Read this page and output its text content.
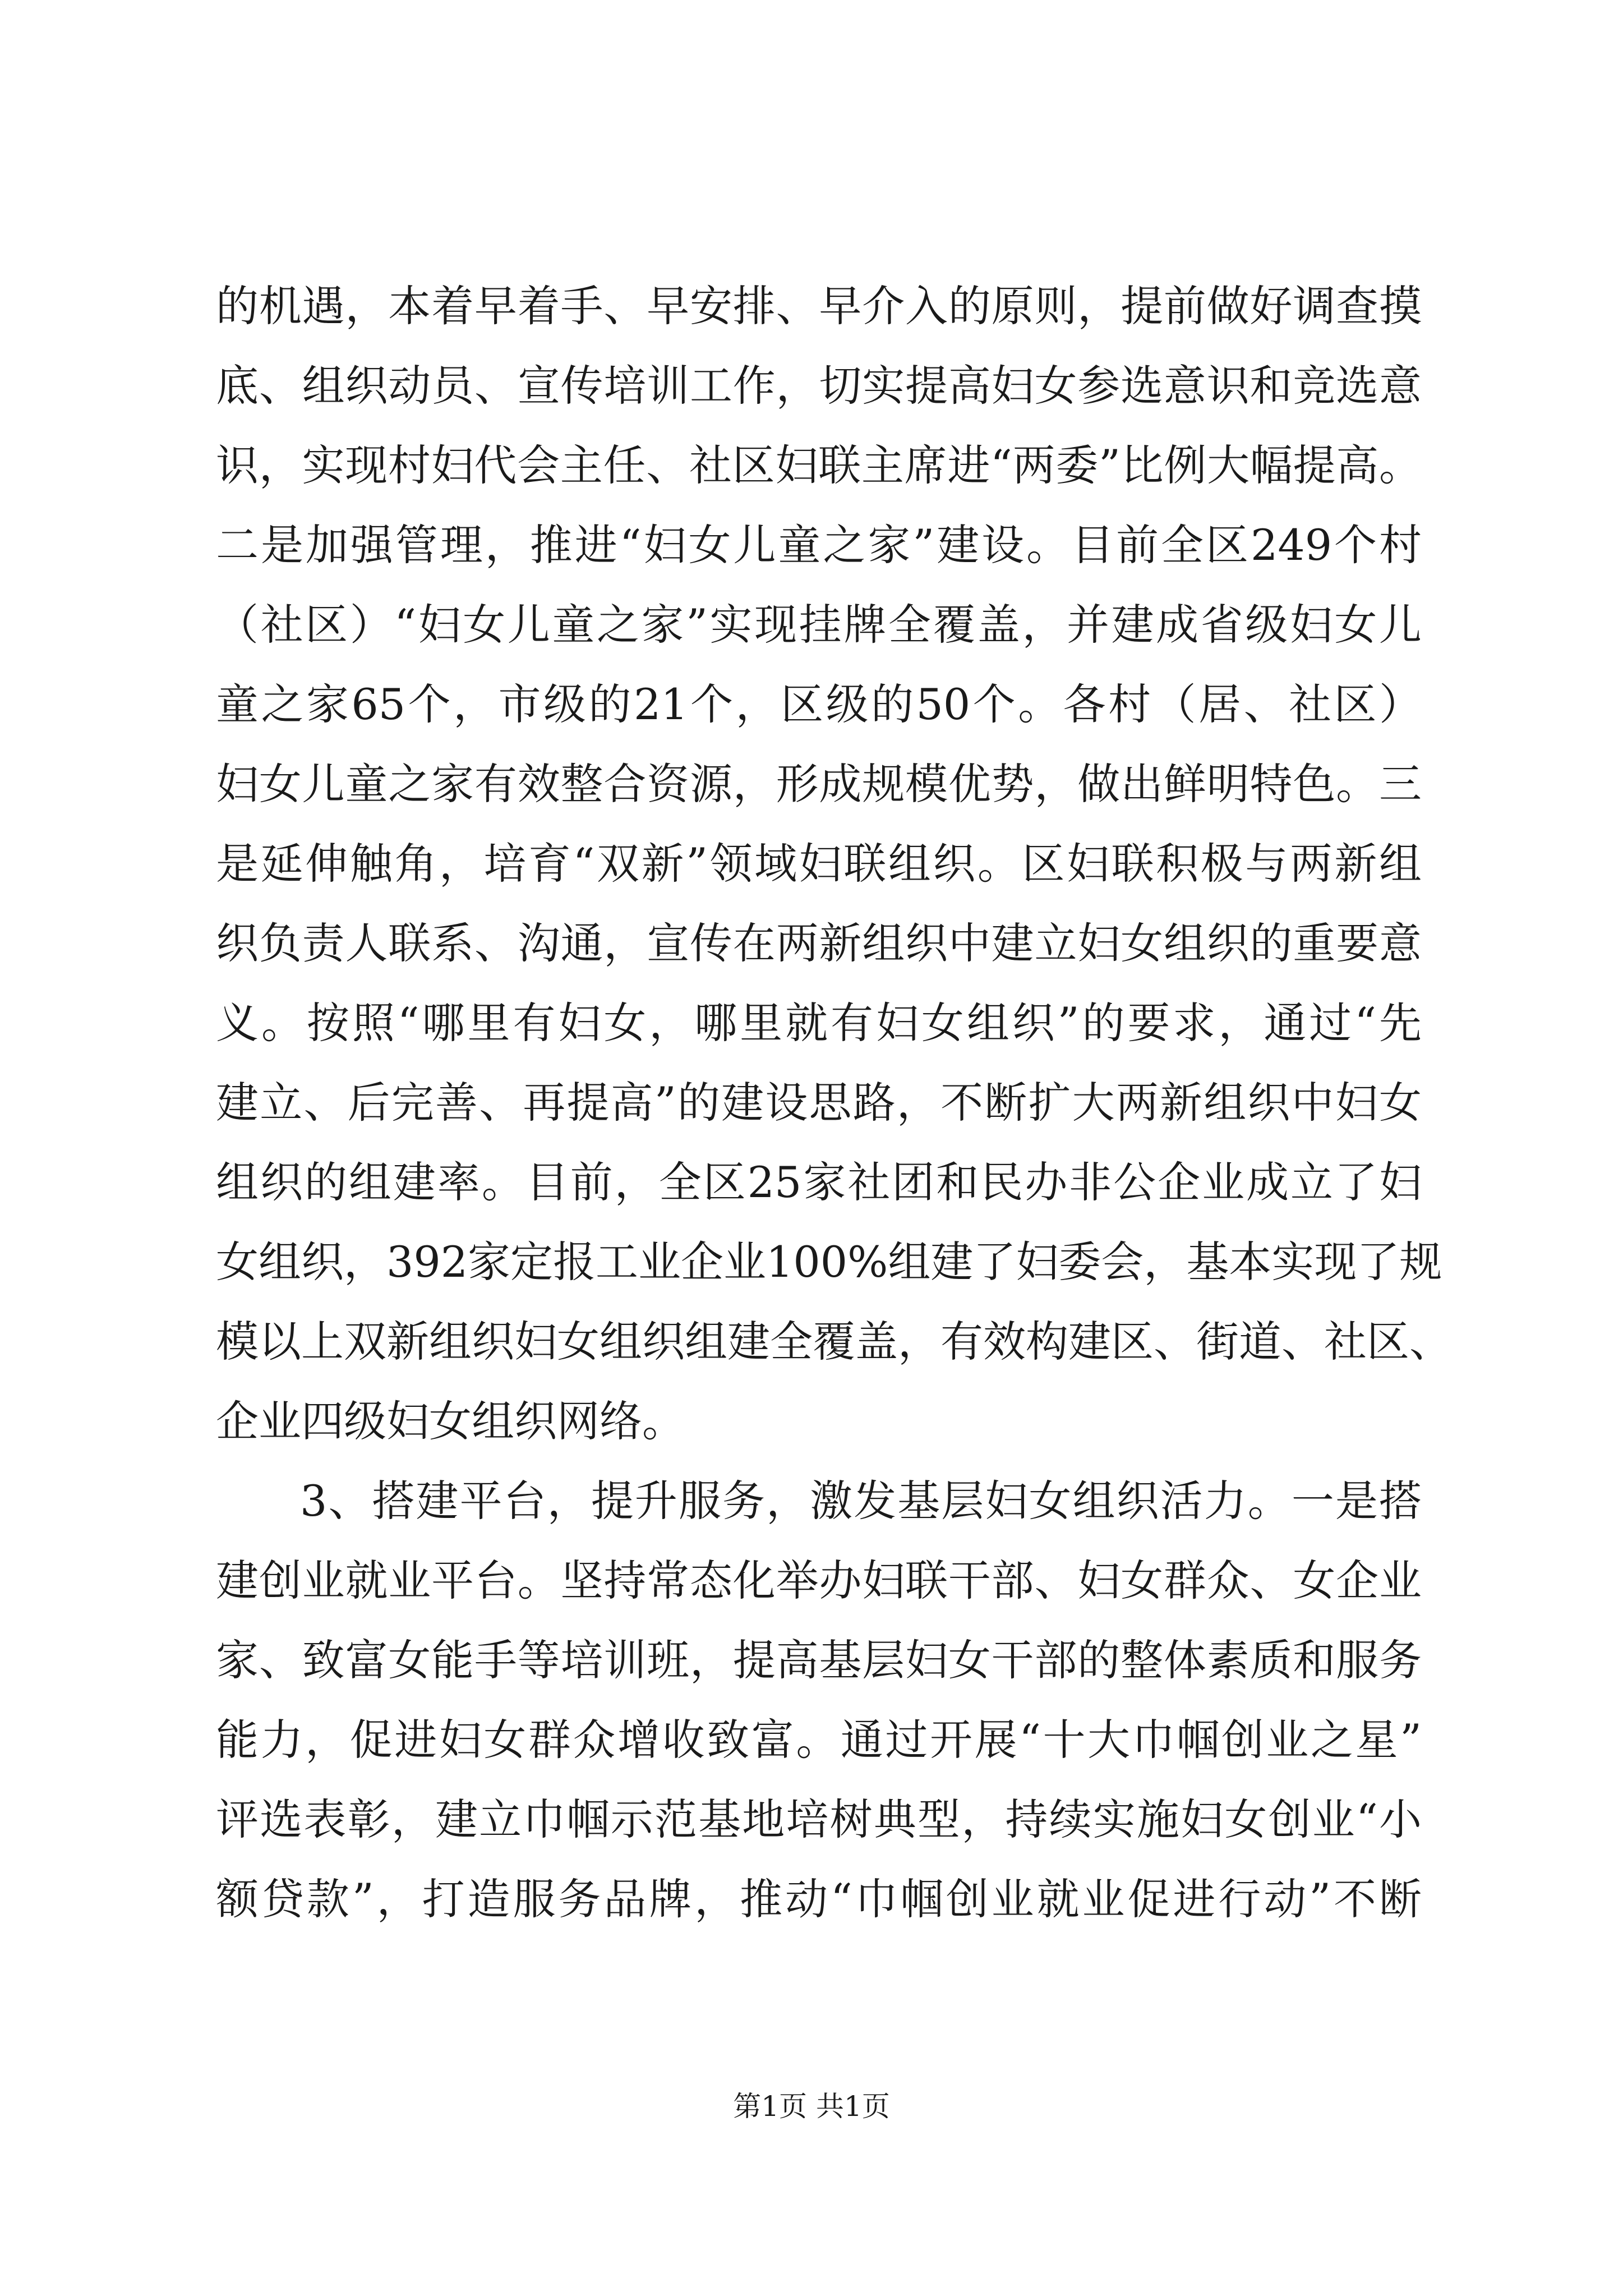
的机遇，本着早着手、早安排、早介入的原则，提前做好调查摸
底、组织动员、宣传培训工作，切实提高妇女参选意识和竞选意
识，实现村妇代会主任、社区妇联主席进“两委”比例大幅提高。
二是加强管理，推进“妇女儿童之家”建设。目前全区249个村
（社区）“妇女儿童之家”实现挂牌全覆盖，并建成省级妇女儿
童之家65个，市级的21个，区级的50个。各村（居、社区）
妇女儿童之家有效整合资源，形成规模优势，做出鲜明特色。三
是延伸触角，培育“双新”领域妇联组织。区妇联积极与两新组
织负责人联系、沟通，宣传在两新组织中建立妇女组织的重要意
义。按照“哪里有妇女，哪里就有妇女组织”的要求，通过“先
建立、后完善、再提高”的建设思路，不断扩大两新组织中妇女
组织的组建率。目前，全区25家社团和民办非公企业成立了妇
女组织，392家定报工业企业100%组建了妇委会，基本实现了规
模以上双新组织妇女组织组建全覆盖，有效构建区、街道、社区、
企业四级妇女组织网络。
3、搭建平台，提升服务，激发基层妇女组织活力。一是搭
建创业就业平台。坚持常态化举办妇联干部、妇女群众、女企业
家、致富女能手等培训班，提高基层妇女干部的整体素质和服务
能力，促进妇女群众增收致富。通过开展“十大巾帼创业之星”
评选表彰，建立巾帼示范基地培树典型，持续实施妇女创业“小
额贷款”，打造服务品牌，推动“巾帼创业就业促进行动”不断
第1页 共1页
